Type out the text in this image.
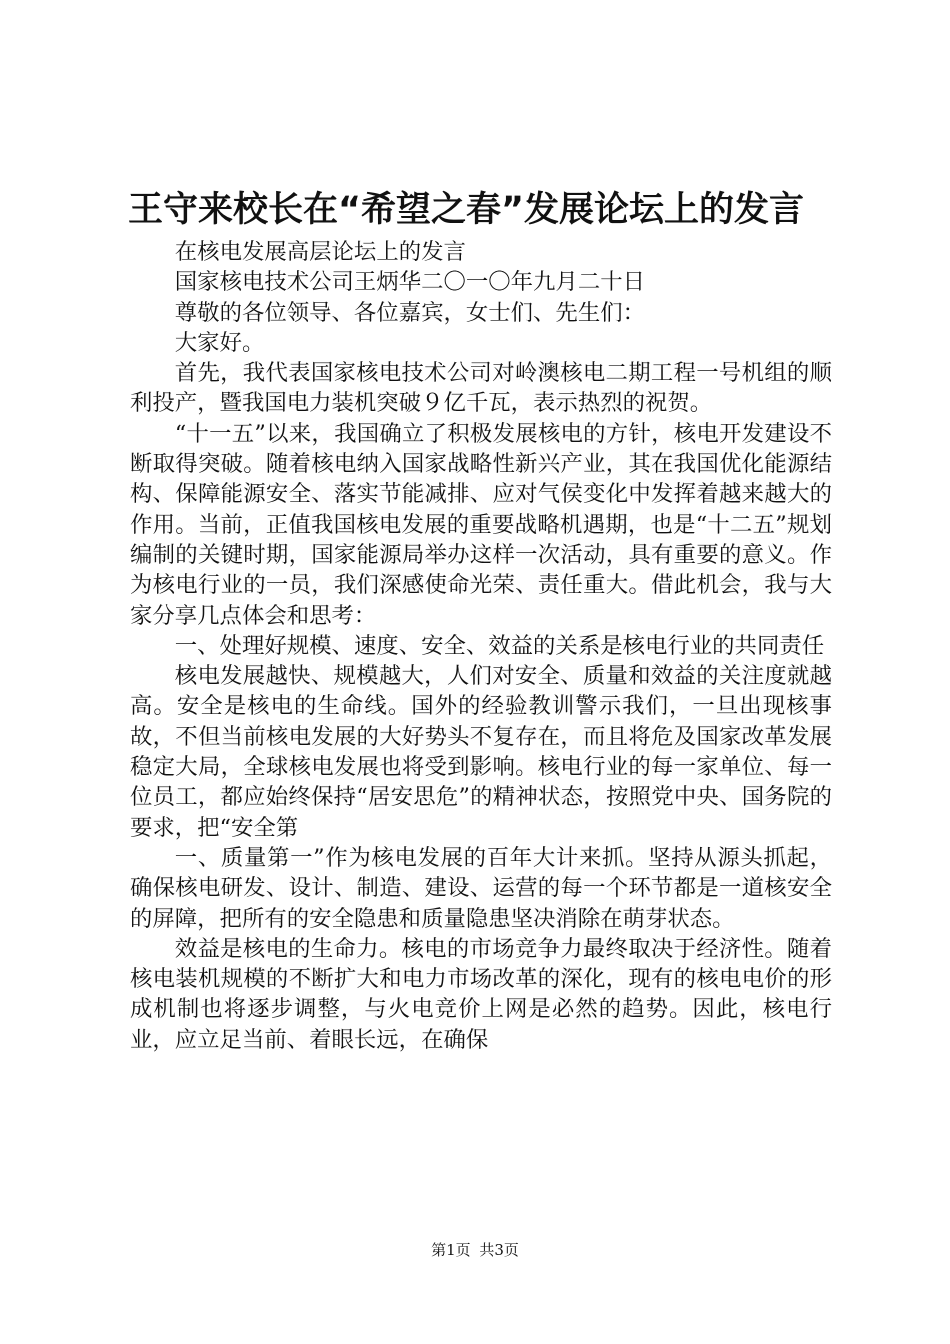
王守来校长在“希望之春”发展论坛上的发言

在核电发展高层论坛上的发言

国家核电技术公司王炳华二〇一〇年九月二十日

尊敬的各位领导、各位嘉宾，女士们、先生们：

大家好。

首先，我代表国家核电技术公司对岭澳核电二期工程一号机组的顺利投产，暨我国电力装机突破９亿千瓦，表示热烈的祝贺。

“十一五”以来，我国确立了积极发展核电的方针，核电开发建设不断取得突破。随着核电纳入国家战略性新兴产业，其在我国优化能源结构、保障能源安全、落实节能减排、应对气侯变化中发挥着越来越大的作用。当前，正值我国核电发展的重要战略机遇期，也是“十二五”规划编制的关键时期，国家能源局举办这样一次活动，具有重要的意义。作为核电行业的一员，我们深感使命光荣、责任重大。借此机会，我与大家分享几点体会和思考：

一、处理好规模、速度、安全、效益的关系是核电行业的共同责任

核电发展越快、规模越大，人们对安全、质量和效益的关注度就越高。安全是核电的生命线。国外的经验教训警示我们，一旦出现核事故，不但当前核电发展的大好势头不复存在，而且将危及国家改革发展稳定大局，全球核电发展也将受到影响。核电行业的每一家单位、每一位员工，都应始终保持“居安思危”的精神状态，按照党中央、国务院的要求，把“安全第

一、质量第一”作为核电发展的百年大计来抓。坚持从源头抓起，确保核电研发、设计、制造、建设、运营的每一个环节都是一道核安全的屏障，把所有的安全隐患和质量隐患坚决消除在萌芽状态。

效益是核电的生命力。核电的市场竞争力最终取决于经济性。随着核电装机规模的不断扩大和电力市场改革的深化，现有的核电电价的形成机制也将逐步调整，与火电竞价上网是必然的趋势。因此，核电行业，应立足当前、着眼长远，在确保

第1页 共3页
